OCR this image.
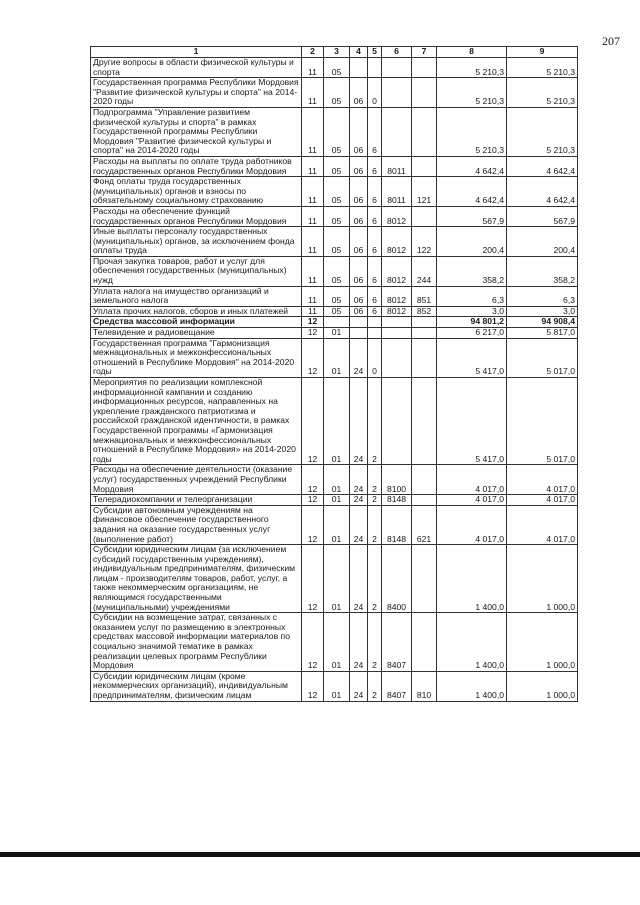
207
1	2	3	4	5	6	7	8	9
Другие вопросы в области физической культуры и спорта	11	05					5 210,3	5 210,3
Государственная программа Республики Мордовия "Развитие физической культуры и спорта" на 2014-2020 годы	11	05	06	0			5 210,3	5 210,3
Подпрограмма "Управление развитием физической культуры и спорта" в рамках Государственной программы Республики Мордовия "Развитие физической культуры и спорта" на 2014-2020 годы	11	05	06	6			5 210,3	5 210,3
Расходы на выплаты по оплате труда работников государственных органов Республики Мордовия	11	05	06	6	8011		4 642,4	4 642,4
Фонд оплаты труда государственных (муниципальных) органов и взносы по обязательному социальному страхованию	11	05	06	6	8011	121	4 642,4	4 642,4
Расходы на обеспечение функций государственных органов Республики Мордовия	11	05	06	6	8012		567,9	567,9
Иные выплаты персоналу государственных (муниципальных) органов, за исключением фонда оплаты труда	11	05	06	6	8012	122	200,4	200,4
Прочая закупка товаров, работ и услуг для обеспечения государственных (муниципальных) нужд	11	05	06	6	8012	244	358,2	358,2
Уплата налога на имущество организаций и земельного налога	11	05	06	6	8012	851	6,3	6,3
Уплата прочих налогов, сборов и иных платежей	11	05	06	6	8012	852	3,0	3,0
Средства массовой информации	12						94 801,2	94 908,4
Телевидение и радиовещание	12	01					6 217,0	5 817,0
Государственная программа "Гармонизация межнациональных и межконфессиональных отношений в Республике Мордовия" на 2014-2020 годы	12	01	24	0			5 417,0	5 017,0
Мероприятия по реализации комплексной информационной кампании и созданию информационных ресурсов, направленных на укрепление гражданского патриотизма и российской гражданской идентичности, в рамках Государственной программы «Гармонизация межнациональных и межконфессиональных отношений в Республике Мордовия» на 2014-2020 годы	12	01	24	2			5 417,0	5 017,0
Расходы на обеспечение деятельности (оказание услуг) государственных учреждений Республики Мордовия	12	01	24	2	8100		4 017,0	4 017,0
Телерадиокомпании и телеорганизации	12	01	24	2	8148		4 017,0	4 017,0
Субсидии автономным учреждениям на финансовое обеспечение государственного задания на оказание государственных услуг (выполнение работ)	12	01	24	2	8148	621	4 017,0	4 017,0
Субсидии юридическим лицам (за исключением субсидий государственным учреждениям), индивидуальным предпринимателям, физическим лицам - производителям товаров, работ, услуг, а также некоммерческим организациям, не являющимся государственными (муниципальными) учреждениями	12	01	24	2	8400		1 400,0	1 000,0
Субсидии на возмещение затрат, связанных с оказанием услуг по размещению в электронных средствах массовой информации материалов по социально значимой тематике в рамках реализации целевых программ Республики Мордовия	12	01	24	2	8407		1 400,0	1 000,0
Субсидии юридическим лицам (кроме некоммерческих организаций), индивидуальным предпринимателям, физическим лицам	12	01	24	2	8407	810	1 400,0	1 000,0
